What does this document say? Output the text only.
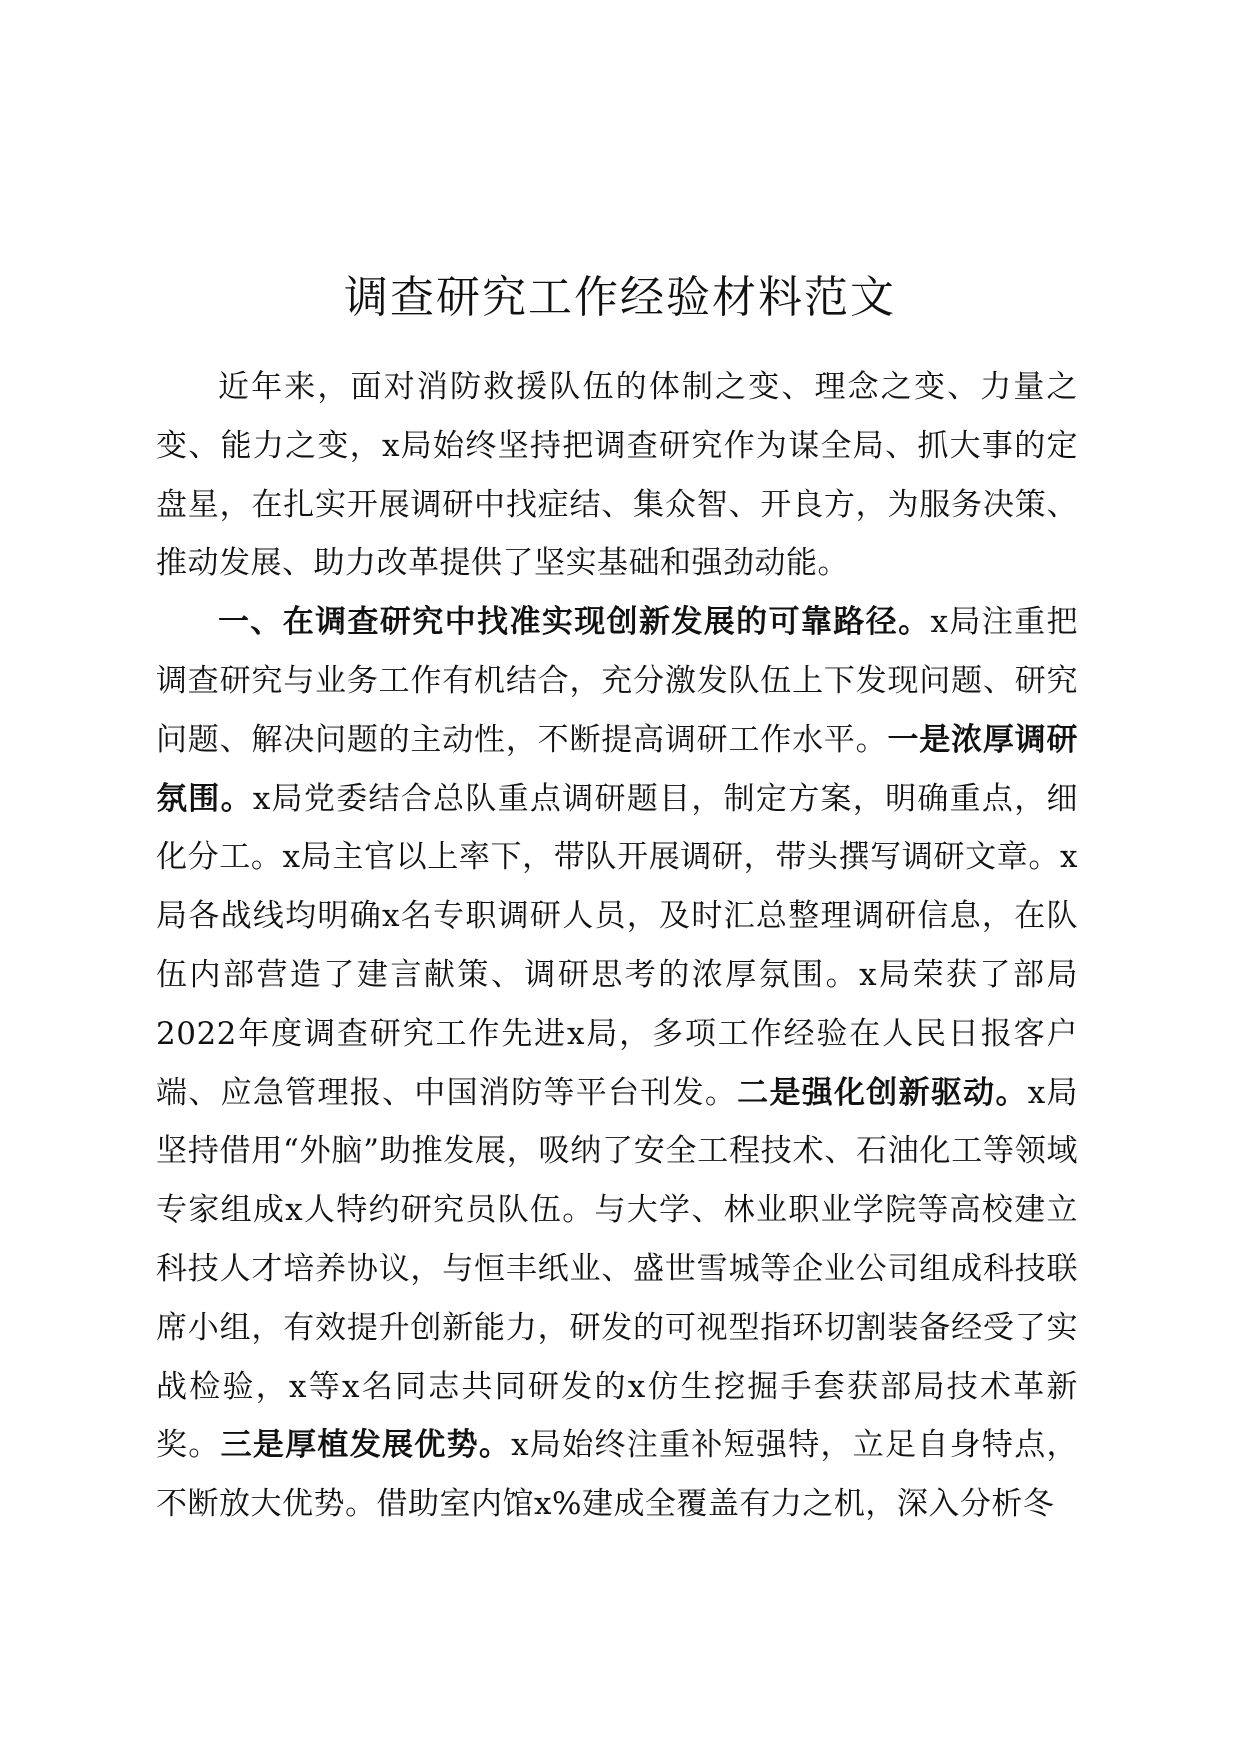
调查研究工作经验材料范文

近年来，面对消防救援队伍的体制之变、理念之变、力量之变、能力之变，x局始终坚持把调查研究作为谋全局、抓大事的定盘星，在扎实开展调研中找症结、集众智、开良方，为服务决策、推动发展、助力改革提供了坚实基础和强劲动能。

一、在调查研究中找准实现创新发展的可靠路径。x局注重把调查研究与业务工作有机结合，充分激发队伍上下发现问题、研究问题、解决问题的主动性，不断提高调研工作水平。一是浓厚调研氛围。x局党委结合总队重点调研题目，制定方案，明确重点，细化分工。x局主官以上率下，带队开展调研，带头撰写调研文章。x局各战线均明确x名专职调研人员，及时汇总整理调研信息，在队伍内部营造了建言献策、调研思考的浓厚氛围。x局荣获了部局2022年度调查研究工作先进x局，多项工作经验在人民日报客户端、应急管理报、中国消防等平台刊发。二是强化创新驱动。x局坚持借用“外脑”助推发展，吸纳了安全工程技术、石油化工等领域专家组成x人特约研究员队伍。与大学、林业职业学院等高校建立科技人才培养协议，与恒丰纸业、盛世雪城等企业公司组成科技联席小组，有效提升创新能力，研发的可视型指环切割装备经受了实战检验，x等x名同志共同研发的x仿生挖掘手套获部局技术革新奖。三是厚植发展优势。x局始终注重补短强特，立足自身特点，不断放大优势。借助室内馆x%建成全覆盖有力之机，深入分析冬
